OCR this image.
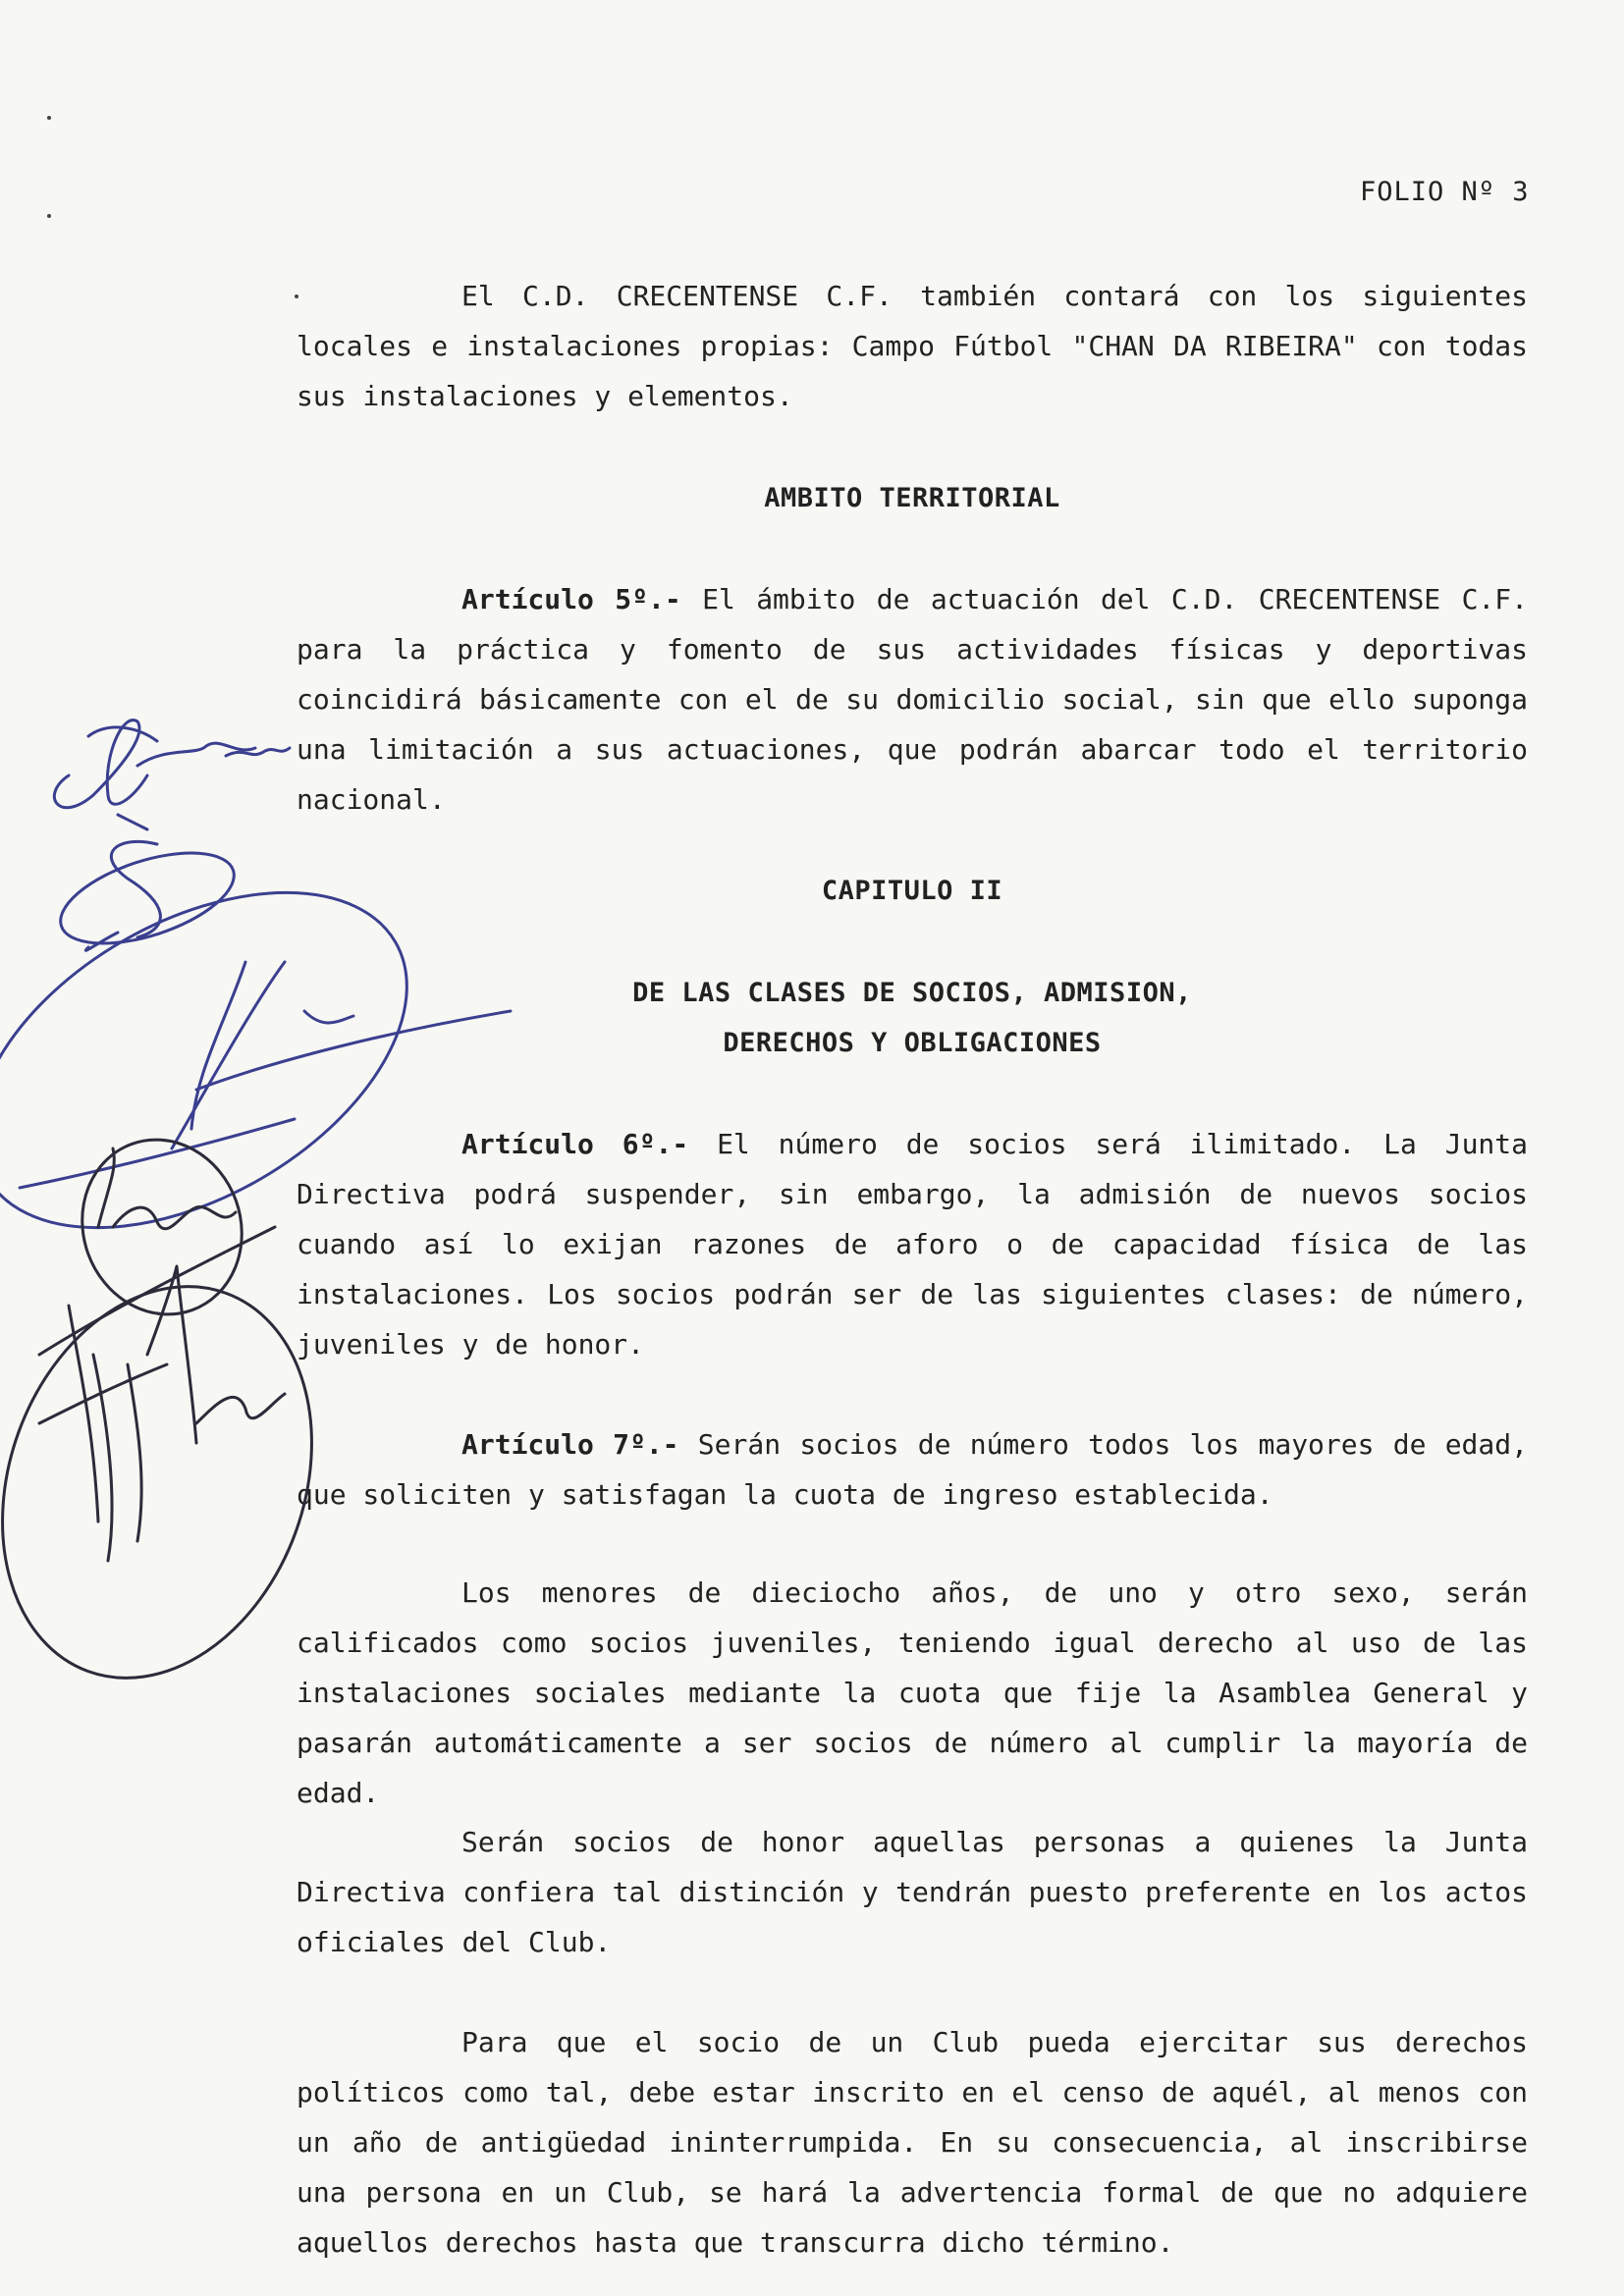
FOLIO Nº 3

El C.D. CRECENTENSE C.F. también contará con los siguientes locales e instalaciones propias: Campo Fútbol "CHAN DA RIBEIRA" con todas sus instalaciones y elementos.

AMBITO TERRITORIAL

Artículo 5º.- El ámbito de actuación del C.D. CRECENTENSE C.F. para la práctica y fomento de sus actividades físicas y deportivas coincidirá básicamente con el de su domicilio social, sin que ello suponga una limitación a sus actuaciones, que podrán abarcar todo el territorio nacional.

CAPITULO II
DE LAS CLASES DE SOCIOS, ADMISION,
DERECHOS Y OBLIGACIONES

Artículo 6º.- El número de socios será ilimitado. La Junta Directiva podrá suspender, sin embargo, la admisión de nuevos socios cuando así lo exijan razones de aforo o de capacidad física de las instalaciones. Los socios podrán ser de las siguientes clases: de número, juveniles y de honor.

Artículo 7º.- Serán socios de número todos los mayores de edad, que soliciten y satisfagan la cuota de ingreso establecida.

Los menores de dieciocho años, de uno y otro sexo, serán calificados como socios juveniles, teniendo igual derecho al uso de las instalaciones sociales mediante la cuota que fije la Asamblea General y pasarán automáticamente a ser socios de número al cumplir la mayoría de edad.

Serán socios de honor aquellas personas a quienes la Junta Directiva confiera tal distinción y tendrán puesto preferente en los actos oficiales del Club.

Para que el socio de un Club pueda ejercitar sus derechos políticos como tal, debe estar inscrito en el censo de aquél, al menos con un año de antigüedad ininterrumpida. En su consecuencia, al inscribirse una persona en un Club, se hará la advertencia formal de que no adquiere aquellos derechos hasta que transcurra dicho término.
